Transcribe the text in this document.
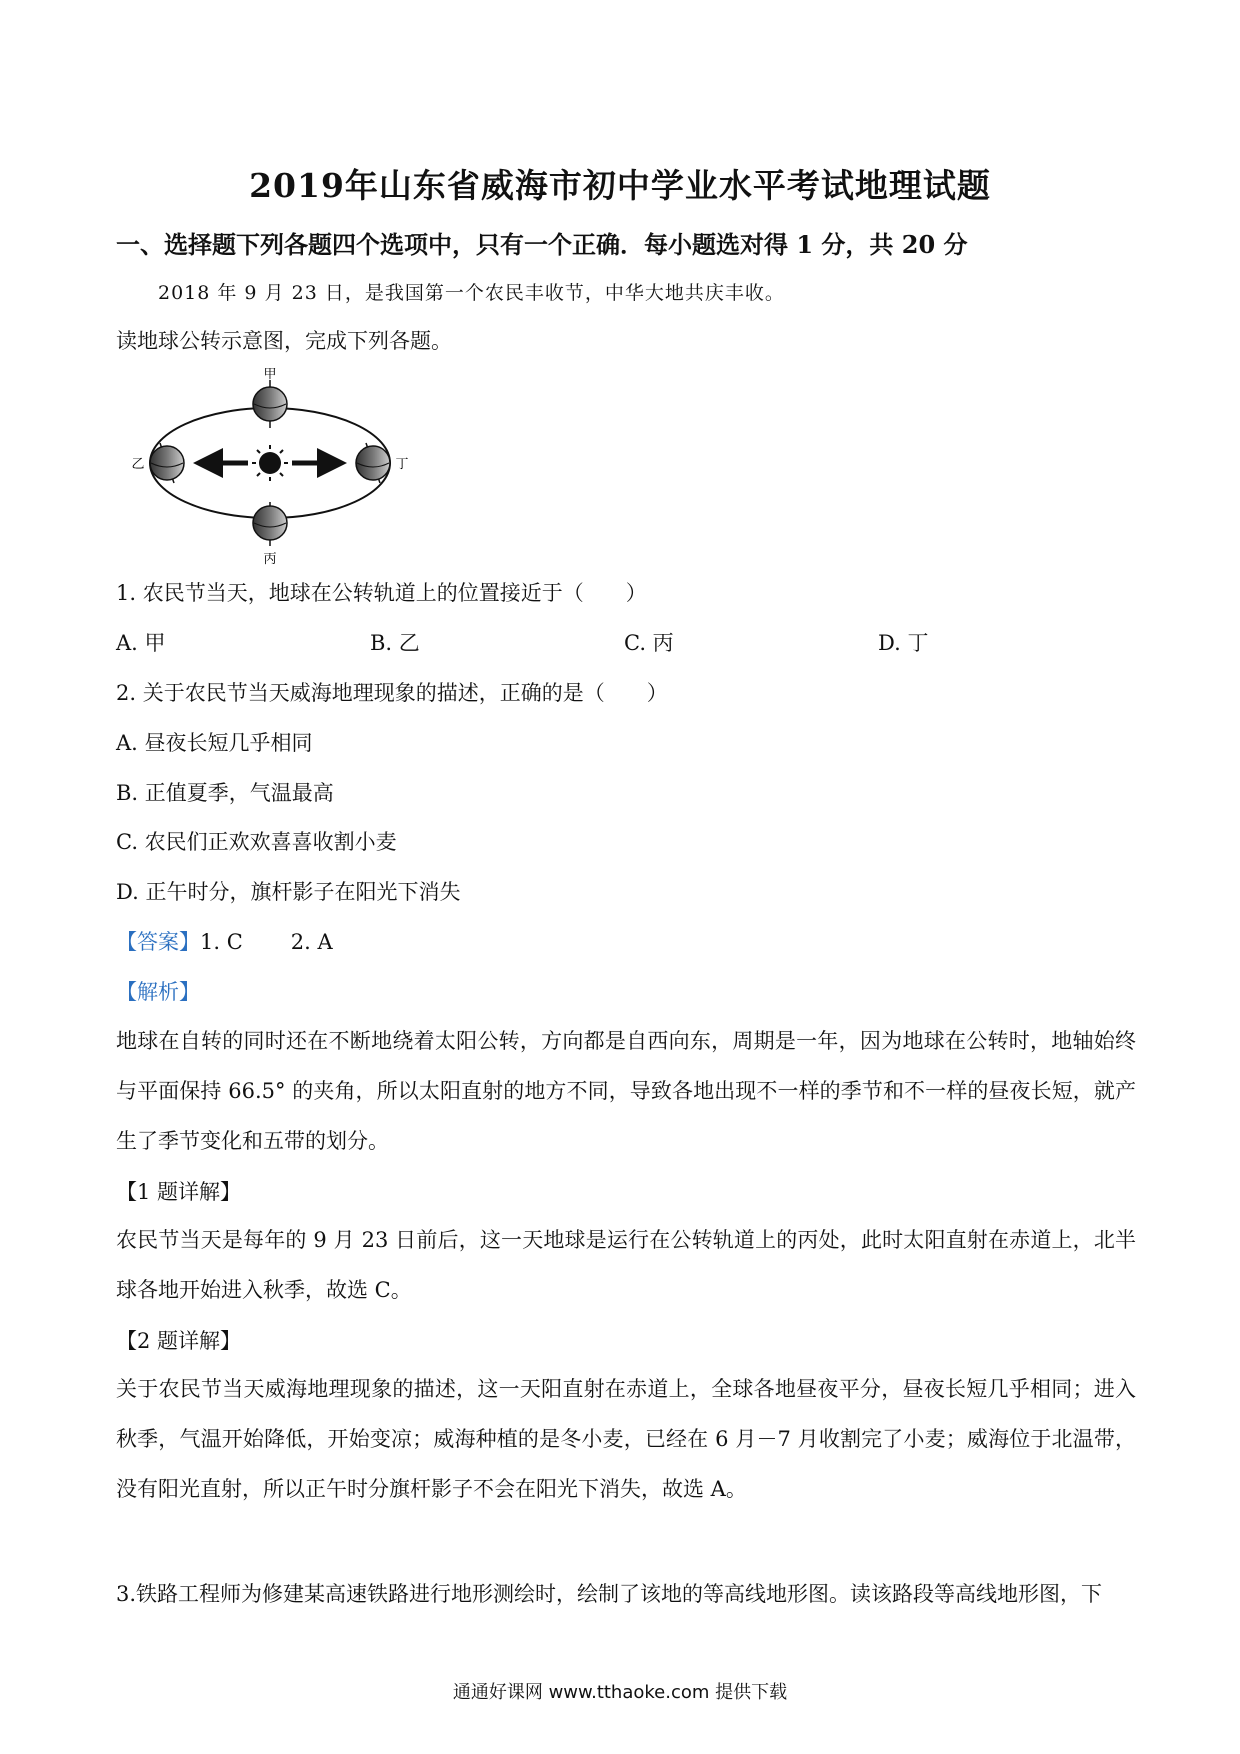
2019年山东省威海市初中学业水平考试地理试题
一、选择题下列各题四个选项中，只有一个正确．每小题选对得 1 分，共 20 分
2018 年 9 月 23 日，是我国第一个农民丰收节，中华大地共庆丰收。
读地球公转示意图，完成下列各题。
甲
乙
丙
丁
1. 农民节当天，地球在公转轨道上的位置接近于（　　）
A. 甲	B. 乙	C. 丙	D. 丁
2. 关于农民节当天威海地理现象的描述，正确的是（　　）
A. 昼夜长短几乎相同
B. 正值夏季，气温最高
C. 农民们正欢欢喜喜收割小麦
D. 正午时分，旗杆影子在阳光下消失
【答案】1. C 2. A
【解析】
地球在自转的同时还在不断地绕着太阳公转，方向都是自西向东，周期是一年，因为地球在公转时，地轴始终与平面保持 66.5° 的夹角，所以太阳直射的地方不同，导致各地出现不一样的季节和不一样的昼夜长短，就产生了季节变化和五带的划分。
【1 题详解】
农民节当天是每年的 9 月 23 日前后，这一天地球是运行在公转轨道上的丙处，此时太阳直射在赤道上，北半球各地开始进入秋季，故选 C。
【2 题详解】
关于农民节当天威海地理现象的描述，这一天阳直射在赤道上，全球各地昼夜平分，昼夜长短几乎相同；进入秋季，气温开始降低，开始变凉；威海种植的是冬小麦，已经在 6 月－7 月收割完了小麦；威海位于北温带，没有阳光直射，所以正午时分旗杆影子不会在阳光下消失，故选 A。
3.铁路工程师为修建某高速铁路进行地形测绘时，绘制了该地的等高线地形图。读该路段等高线地形图，下
通通好课网 www.tthaoke.com 提供下载
